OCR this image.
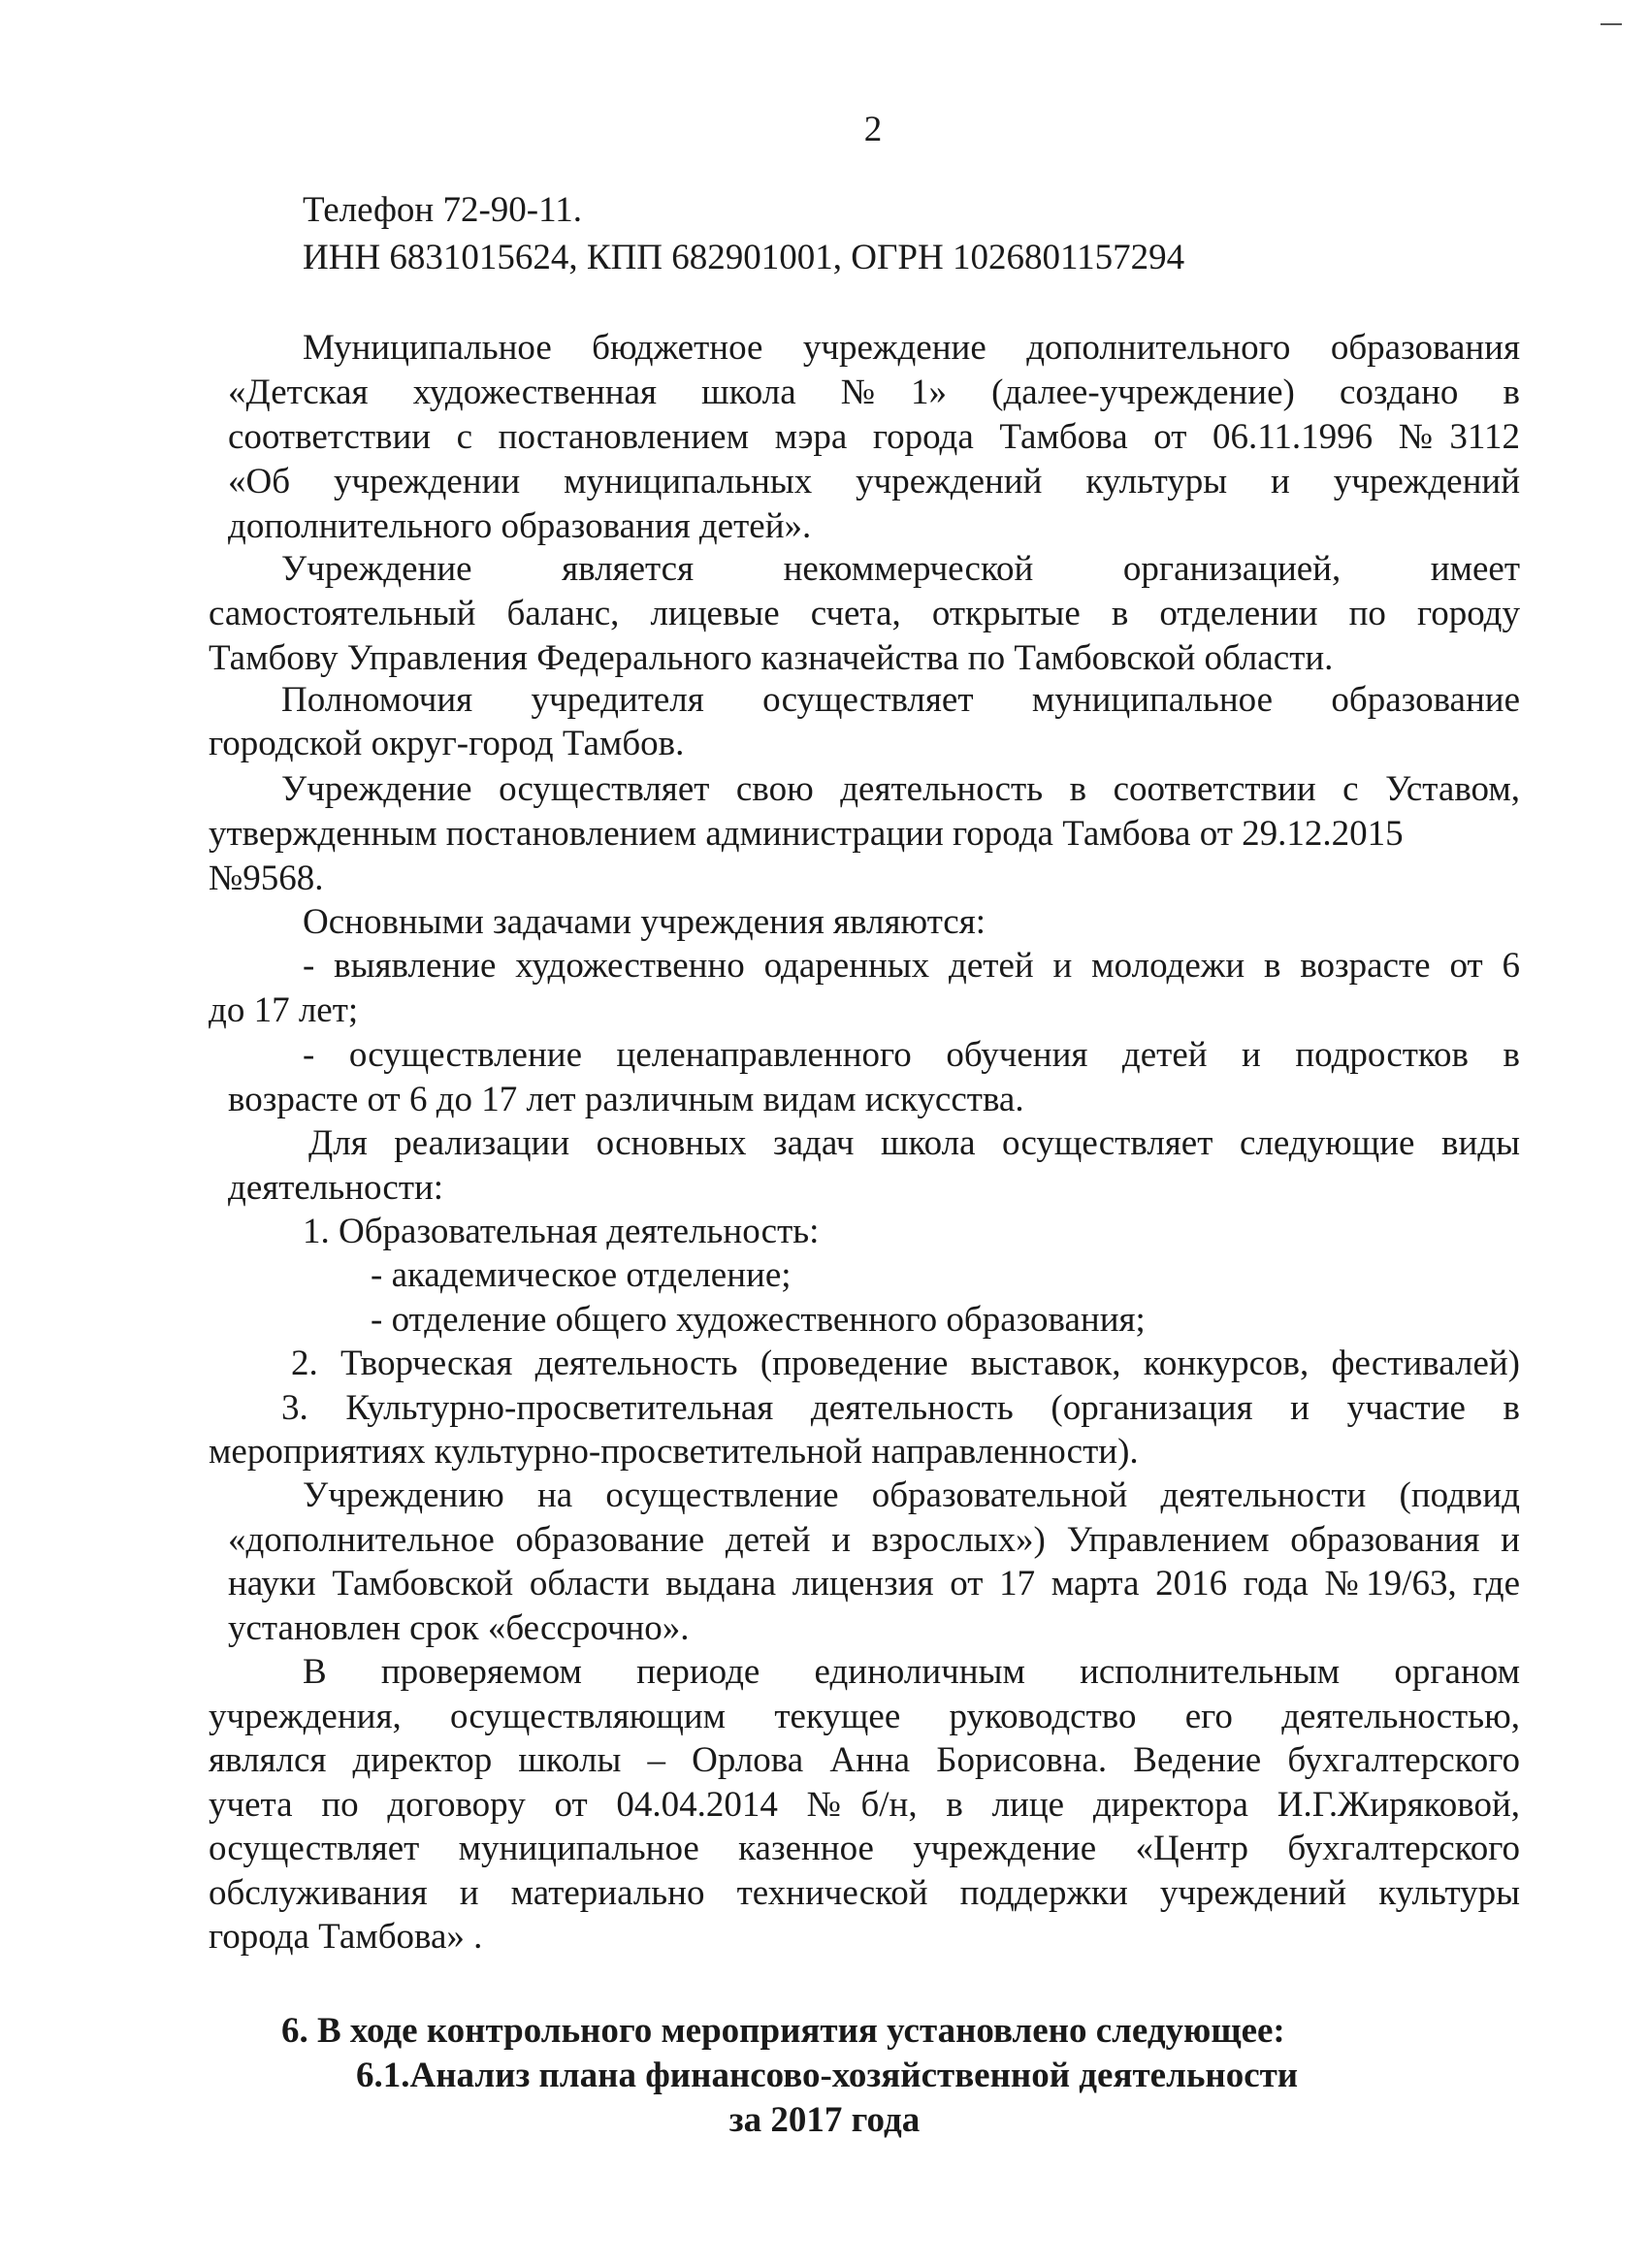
2
Телефон 72-90-11.
ИНН 6831015624, КПП 682901001, ОГРН 1026801157294
Муниципальное бюджетное учреждение дополнительного образования
«Детская художественная школа №1» (далее-учреждение) создано в
соответствии с постановлением мэра города Тамбова от 06.11.1996 №3112
«Об учреждении муниципальных учреждений культуры и учреждений
дополнительного образования детей».
Учреждение является некоммерческой организацией, имеет
самостоятельный баланс, лицевые счета, открытые в отделении по городу
Тамбову Управления Федерального казначейства по Тамбовской области.
Полномочия учредителя осуществляет муниципальное образование
городской округ-город Тамбов.
Учреждение осуществляет свою деятельность в соответствии с Уставом,
утвержденным постановлением администрации города Тамбова от 29.12.2015
№9568.
Основными задачами учреждения являются:
- выявление художественно одаренных детей и молодежи в возрасте от 6
до 17 лет;
- осуществление целенаправленного обучения детей и подростков в
возрасте от 6 до 17 лет различным видам искусства.
Для реализации основных задач школа осуществляет следующие виды
деятельности:
1. Образовательная деятельность:
- академическое отделение;
- отделение общего художественного образования;
2. Творческая деятельность (проведение выставок, конкурсов, фестивалей)
3. Культурно-просветительная деятельность (организация и участие в
мероприятиях культурно-просветительной направленности).
Учреждению на осуществление образовательной деятельности (подвид
«дополнительное образование детей и взрослых») Управлением образования и
науки Тамбовской области выдана лицензия от 17 марта 2016 года №19/63, где
установлен срок «бессрочно».
В проверяемом периоде единоличным исполнительным органом
учреждения, осуществляющим текущее руководство его деятельностью,
являлся директор школы – Орлова Анна Борисовна. Ведение бухгалтерского
учета по договору от 04.04.2014 №б/н, в лице директора И.Г.Жиряковой,
осуществляет муниципальное казенное учреждение «Центр бухгалтерского
обслуживания и материально технической поддержки учреждений культуры
города Тамбова» .
6. В ходе контрольного мероприятия установлено следующее:
6.1.Анализ плана финансово-хозяйственной деятельности
за 2017 года
